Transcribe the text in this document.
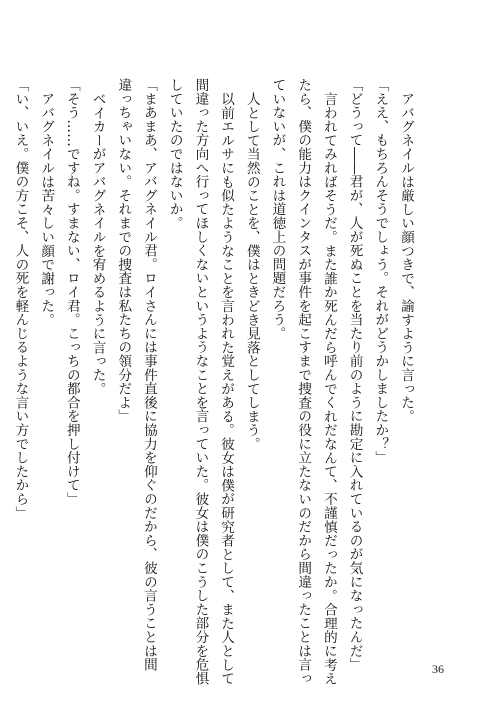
アバグネイルは厳しい顔つきで、諭すように言った。
「ええ、もちろんそうでしょう。それがどうかしましたか？」
「どうって――君が、人が死ぬことを当たり前のように勘定に入れているのが気になったんだ」
言われてみればそうだ。また誰か死んだら呼んでくれだなんて、不謹慎だったか。合理的に考え
たら、僕の能力はクインタスが事件を起こすまで捜査の役に立たないのだから間違ったことは言っ
ていないが、これは道徳上の問題だろう。
人として当然のことを、僕はときどき見落としてしまう。
以前エルサにも似たようなことを言われた覚えがある。彼女は僕が研究者として、また人として
間違った方向へ行ってほしくないというようなことを言っていた。彼女は僕のこうした部分を危惧
していたのではないか。
「まあまあ、アバグネイル君。ロイさんには事件直後に協力を仰ぐのだから、彼の言うことは間
違っちゃいない。それまでの捜査は私たちの領分だよ」
ベイカーがアバグネイルを宥めるように言った。
「そう……ですね。すまない、ロイ君。こっちの都合を押し付けて」
アバグネイルは苦々しい顔で謝った。
「い、いえ。僕の方こそ、人の死を軽んじるような言い方でしたから」
36
